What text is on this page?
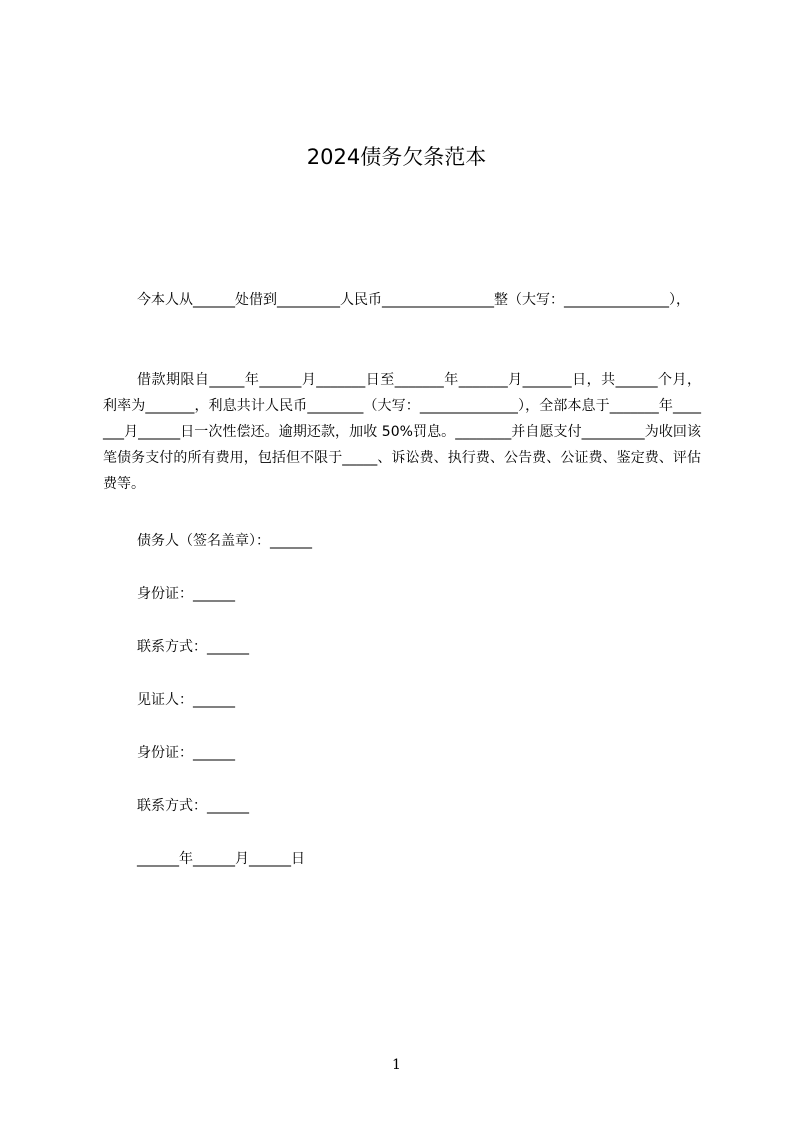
2024债务欠条范本

今本人从______处借到_________人民币________________整（大写：_______________），

借款期限自_____年______月_______日至_______年_______月_______日，共______个月，利率为_______，利息共计人民币________（大写：______________），全部本息于_______年_______月______日一次性偿还。逾期还款，加收 50%罚息。________并自愿支付_________为收回该笔债务支付的所有费用，包括但不限于_____、诉讼费、执行费、公告费、公证费、鉴定费、评估费等。

债务人（签名盖章）：______

身份证：______

联系方式：______

见证人：______

身份证：______

联系方式：______

______年______月______日

1
